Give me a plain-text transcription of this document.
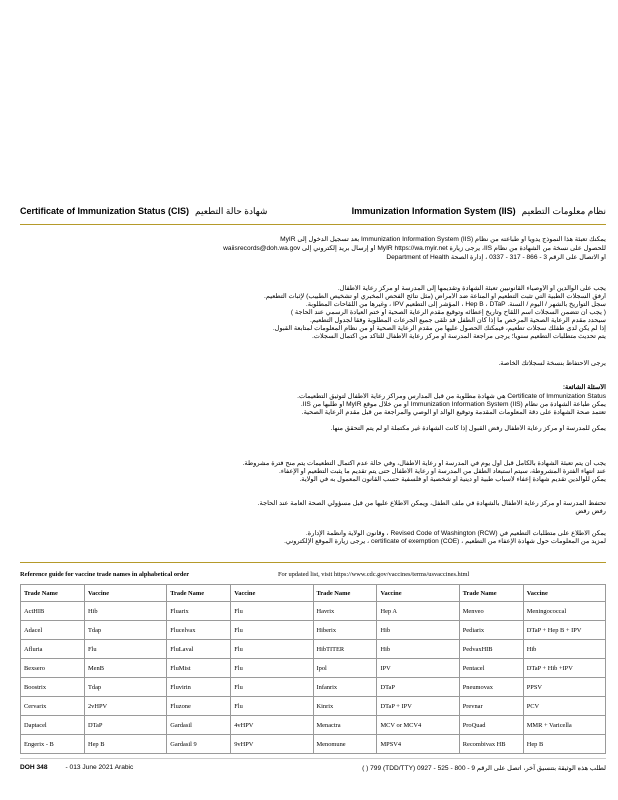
Certificate of Immunization Status (CIS) شهادة حالة التطعيم	Immunization Information System (IIS) نظام معلومات التطعيم
يمكنك تعبئة هذا النموذج يدوياً أو طباعته من نظام Immunization Information System (IIS) بعد تسجيل الدخول إلى MyIR
للحصول على نسخة من الشهادة من نظام IIS، يرجى زيارة MyIR https://wa.myir.net أو إرسال بريد إلكتروني إلى waiisrecords@doh.wa.gov
أو الاتصال على الرقم 3 - 866 - 317 - 0337 ، إدارة الصحة Department of Health
يجب على الوالدين أو الأوصياء القانونيين تعبئة الشهادة وتقديمها إلى المدرسة أو مركز رعاية الأطفال.
أرفق السجلات الطبية التي تثبت التطعيم أو المناعة ضد الأمراض (مثل نتائج الفحص المخبري أو تشخيص الطبيب) لإثبات التطعيم.
سجل التواريخ بالشهر / اليوم / السنة. Hep B ، DTaP ، المؤشر إلى التطعيم IPV ، وغيرها من اللقاحات المطلوبة.
( يجب أن تتضمن السجلات اسم اللقاح وتاريخ إعطائه وتوقيع مقدم الرعاية الصحية أو ختم العيادة الرسمي عند الحاجة )
سيحدد مقدم الرعاية الصحية المرخص ما إذا كان الطفل قد تلقى جميع الجرعات المطلوبة وفقاً لجدول التطعيم.
إذا لم يكن لدى طفلك سجلات تطعيم، فيمكنك الحصول عليها من مقدم الرعاية الصحية أو من نظام المعلومات لمتابعة القبول.
يتم تحديث متطلبات التطعيم سنوياً؛ يرجى مراجعة المدرسة أو مركز رعاية الأطفال للتأكد من اكتمال السجلات.
يرجى الاحتفاظ بنسخة لسجلاتك الخاصة.
الأسئلة الشائعة:
Certificate of Immunization Status هي شهادة مطلوبة من قبل المدارس ومراكز رعاية الأطفال لتوثيق التطعيمات.
يمكن طباعة الشهادة من نظام Immunization Information System (IIS) أو من خلال موقع MyIR أو طلبها من IIS.
تعتمد صحة الشهادة على دقة المعلومات المقدمة وتوقيع الوالد أو الوصي والمراجعة من قبل مقدم الرعاية الصحية.
يمكن للمدرسة أو مركز رعاية الأطفال رفض القبول إذا كانت الشهادة غير مكتملة أو لم يتم التحقق منها.
يجب أن يتم تعبئة الشهادة بالكامل قبل أول يوم في المدرسة أو رعاية الأطفال، وفي حالة عدم اكتمال التطعيمات يتم منح فترة مشروطة.
عند انتهاء الفترة المشروطة، سيتم استبعاد الطفل من المدرسة أو رعاية الأطفال حتى يتم تقديم ما يثبت التطعيم أو الإعفاء.
يمكن للوالدين تقديم شهادة إعفاء لأسباب طبية أو دينية أو شخصية أو فلسفية حسب القانون المعمول به في الولاية.
تحتفظ المدرسة أو مركز رعاية الأطفال بالشهادة في ملف الطفل، ويمكن الاطلاع عليها من قبل مسؤولي الصحة العامة عند الحاجة.
رفض رفض
يمكن الاطلاع على متطلبات التطعيم في Revised Code of Washington (RCW) ، وقانون الولاية وأنظمة الإدارة.
لمزيد من المعلومات حول شهادة الإعفاء من التطعيم ، certificate of exemption (COE) ، يرجى زيارة الموقع الإلكتروني.
Reference guide for vaccine trade names in alphabetical order	For updated list, visit https://www.cdc.gov/vaccines/terms/usvaccines.html
Trade Name	Vaccine	Trade Name	Vaccine	Trade Name	Vaccine	Trade Name	Vaccine
ActHIB	Hib	Fluarix	Flu	Havrix	Hep A	Menveo	Meningococcal
Adacel	Tdap	Flucelvax	Flu	Hiberix	Hib	Pediarix	DTaP + Hep B + IPV
Afluria	Flu	FluLaval	Flu	HibTITER	Hib	PedvaxHIB	Hib
Bexsero	MenB	FluMist	Flu	Ipol	IPV	Pentacel	DTaP + Hib +IPV
Boostrix	Tdap	Fluvirin	Flu	Infanrix	DTaP	Pneumovax	PPSV
Cervarix	2vHPV	Fluzone	Flu	Kinrix	DTaP + IPV	Prevnar	PCV
Daptacel	DTaP	Gardasil	4vHPV	Menactra	MCV or MCV4	ProQuad	MMR + Varicella
Engerix - B	Hep B	Gardasil 9	9vHPV	Menomune	MPSV4	Recombivax HB	Hep B
DOH 348	- 013 June 2021 Arabic	لطلب هذه الوثيقة بتنسيق آخر، اتصل على الرقم 9 - 800 - 525 - 0927 (TDD/TTY) 799 ( )
